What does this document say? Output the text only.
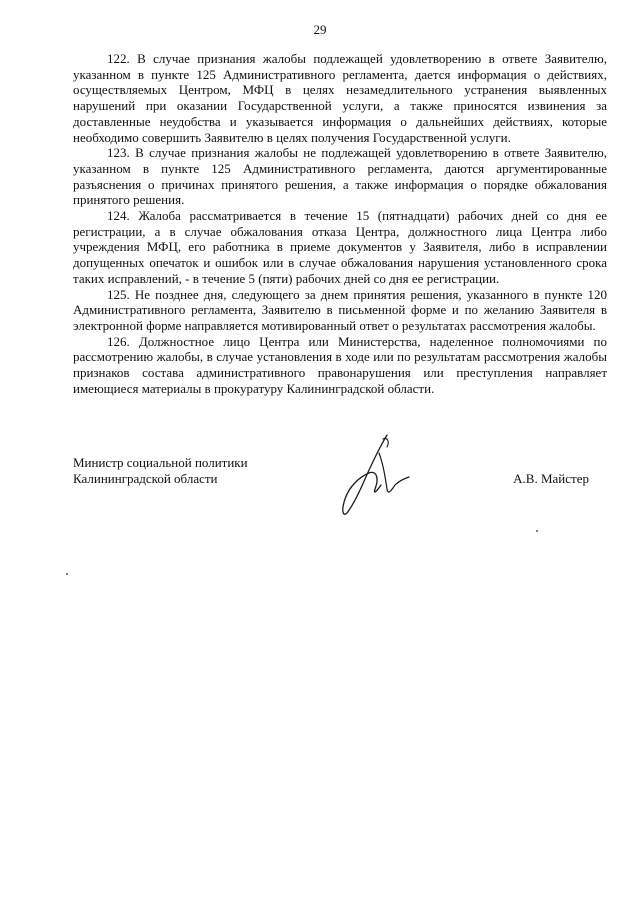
29

122. В случае признания жалобы подлежащей удовлетворению в ответе Заявителю, указанном в пункте 125 Административного регламента, дается информация о действиях, осуществляемых Центром, МФЦ в целях незамедлительного устранения выявленных нарушений при оказании Государственной услуги, а также приносятся извинения за доставленные неудобства и указывается информация о дальнейших действиях, которые необходимо совершить Заявителю в целях получения Государственной услуги.

123. В случае признания жалобы не подлежащей удовлетворению в ответе Заявителю, указанном в пункте 125 Административного регламента, даются аргументированные разъяснения о причинах принятого решения, а также информация о порядке обжалования принятого решения.

124. Жалоба рассматривается в течение 15 (пятнадцати) рабочих дней со дня ее регистрации, а в случае обжалования отказа Центра, должностного лица Центра либо учреждения МФЦ, его работника в приеме документов у Заявителя, либо в исправлении допущенных опечаток и ошибок или в случае обжалования нарушения установленного срока таких исправлений, - в течение 5 (пяти) рабочих дней со дня ее регистрации.

125. Не позднее дня, следующего за днем принятия решения, указанного в пункте 120 Административного регламента, Заявителю в письменной форме и по желанию Заявителя в электронной форме направляется мотивированный ответ о результатах рассмотрения жалобы.

126. Должностное лицо Центра или Министерства, наделенное полномочиями по рассмотрению жалобы, в случае установления в ходе или по результатам рассмотрения жалобы признаков состава административного правонарушения или преступления направляет имеющиеся материалы в прокуратуру Калининградской области.

Министр социальной политики
Калининградской области	А.В. Майстер
